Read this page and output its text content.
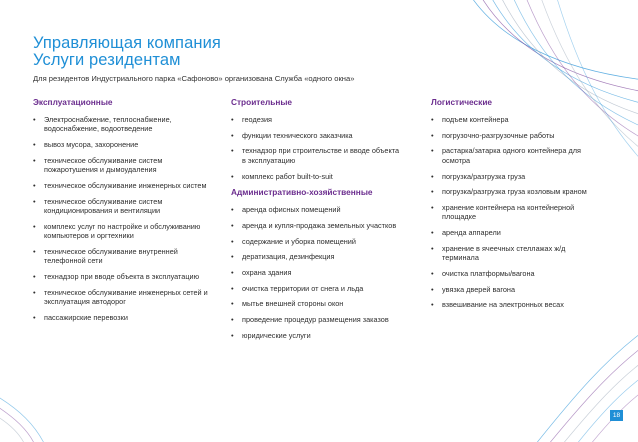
Управляющая компания
Услуги резидентам
Для резидентов Индустриального парка «Сафоново» организована Служба «одного окна»
Эксплуатационные
• Электроснабжение, теплоснабжение, водоснабжение, водоотведение
• вывоз мусора, захоронение
• техническое обслуживание систем пожаротушения и дымоудаления
• техническое обслуживание инженерных систем
• техническое обслуживание систем кондиционирования и вентиляции
• комплекс услуг по настройке и обслуживанию компьютеров и оргтехники
• техническое обслуживание внутренней телефонной сети
• технадзор при вводе объекта в эксплуатацию
• техническое обслуживание инженерных сетей и эксплуатация автодорог
• пассажирские перевозки
Строительные
• геодезия
• функции технического заказчика
• технадзор при строительстве и вводе объекта в эксплуатацию
• комплекс работ built-to-suit
Административно-хозяйственные
• аренда офисных помещений
• аренда и купля-продажа земельных участков
• содержание и уборка помещений
• дератизация, дезинфекция
• охрана здания
• очистка территории от снега и льда
• мытье внешней стороны окон
• проведение процедур размещения заказов
• юридические услуги
Логистические
• подъем контейнера
• погрузочно-разгрузочные работы
• растарка/затарка одного контейнера для осмотра
• погрузка/разгрузка груза
• погрузка/разгрузка груза козловым краном
• хранение контейнера на контейнерной площадке
• аренда аппарели
• хранение в ячеечных стеллажах ж/д терминала
• очистка платформы/вагона
• увязка дверей вагона
• взвешивание на электронных весах
18
